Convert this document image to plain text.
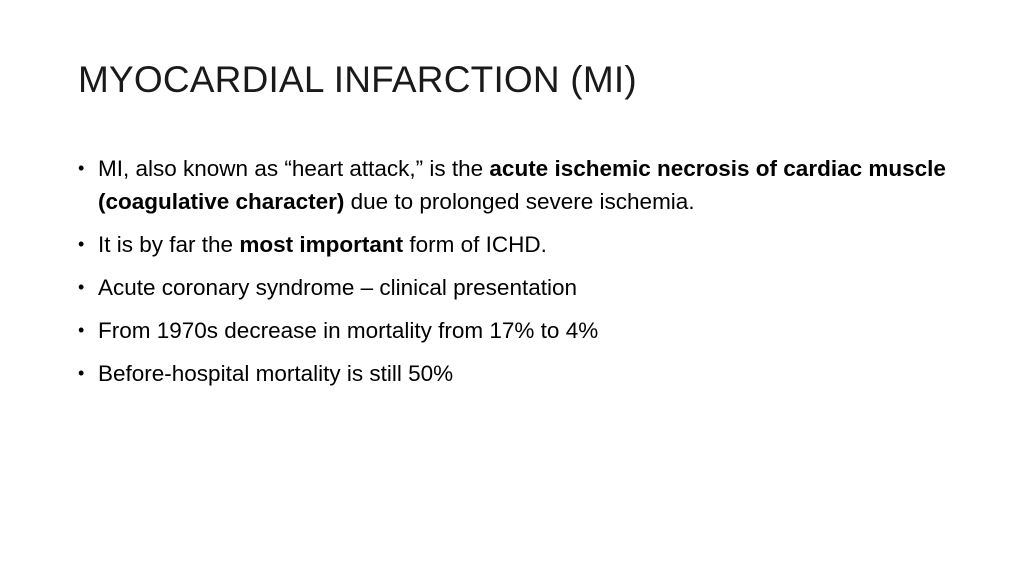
MYOCARDIAL INFARCTION (MI)
• MI, also known as “heart attack,” is the acute ischemic necrosis of cardiac muscle (coagulative character) due to prolonged severe ischemia.
• It is by far the most important form of ICHD.
• Acute coronary syndrome – clinical presentation
• From 1970s decrease in mortality from 17% to 4%
• Before-hospital mortality is still 50%
